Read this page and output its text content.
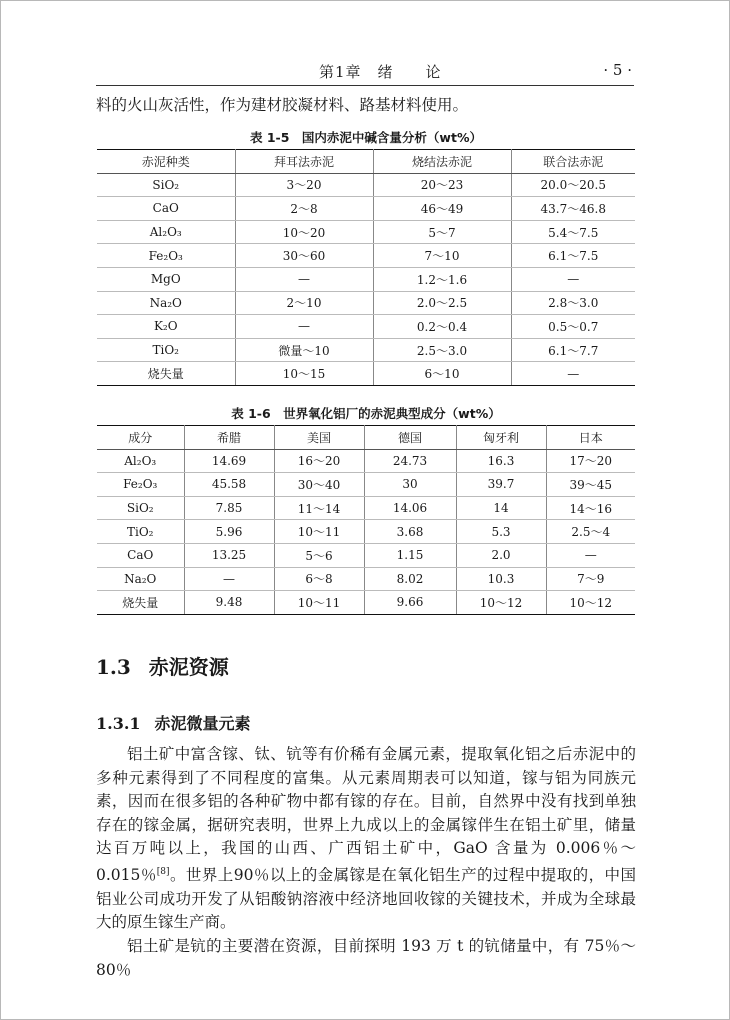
第1章　绪　　论	· 5 ·

料的火山灰活性，作为建材胶凝材料、路基材料使用。

表 1-5　国内赤泥中碱含量分析（wt%）
赤泥种类	拜耳法赤泥	烧结法赤泥	联合法赤泥
SiO₂	3～20	20～23	20.0～20.5
CaO	2～8	46～49	43.7～46.8
Al₂O₃	10～20	5～7	5.4～7.5
Fe₂O₃	30～60	7～10	6.1～7.5
MgO	—	1.2～1.6	—
Na₂O	2～10	2.0～2.5	2.8～3.0
K₂O	—	0.2～0.4	0.5～0.7
TiO₂	微量～10	2.5～3.0	6.1～7.7
烧失量	10～15	6～10	—
表 1-6　世界氧化铝厂的赤泥典型成分（wt%）
成分	希腊	美国	德国	匈牙利	日本
Al₂O₃	14.69	16～20	24.73	16.3	17～20
Fe₂O₃	45.58	30～40	30	39.7	39～45
SiO₂	7.85	11～14	14.06	14	14～16
TiO₂	5.96	10～11	3.68	5.3	2.5～4
CaO	13.25	5～6	1.15	2.0	—
Na₂O	—	6～8	8.02	10.3	7～9
烧失量	9.48	10～11	9.66	10～12	10～12
1.3 赤泥资源
1.3.1 赤泥微量元素

铝土矿中富含镓、钛、钪等有价稀有金属元素，提取氧化铝之后赤泥中的多种元素得到了不同程度的富集。从元素周期表可以知道，镓与铝为同族元素，因而在很多铝的各种矿物中都有镓的存在。目前，自然界中没有找到单独存在的镓金属，据研究表明，世界上九成以上的金属镓伴生在铝土矿里，储量达百万吨以上，我国的山西、广西铝土矿中，GaO 含量为 0.006％～0.015％[8]。世界上90％以上的金属镓是在氧化铝生产的过程中提取的，中国铝业公司成功开发了从铝酸钠溶液中经济地回收镓的关键技术，并成为全球最大的原生镓生产商。

铝土矿是钪的主要潜在资源，目前探明 193 万 t 的钪储量中，有 75％～80％
